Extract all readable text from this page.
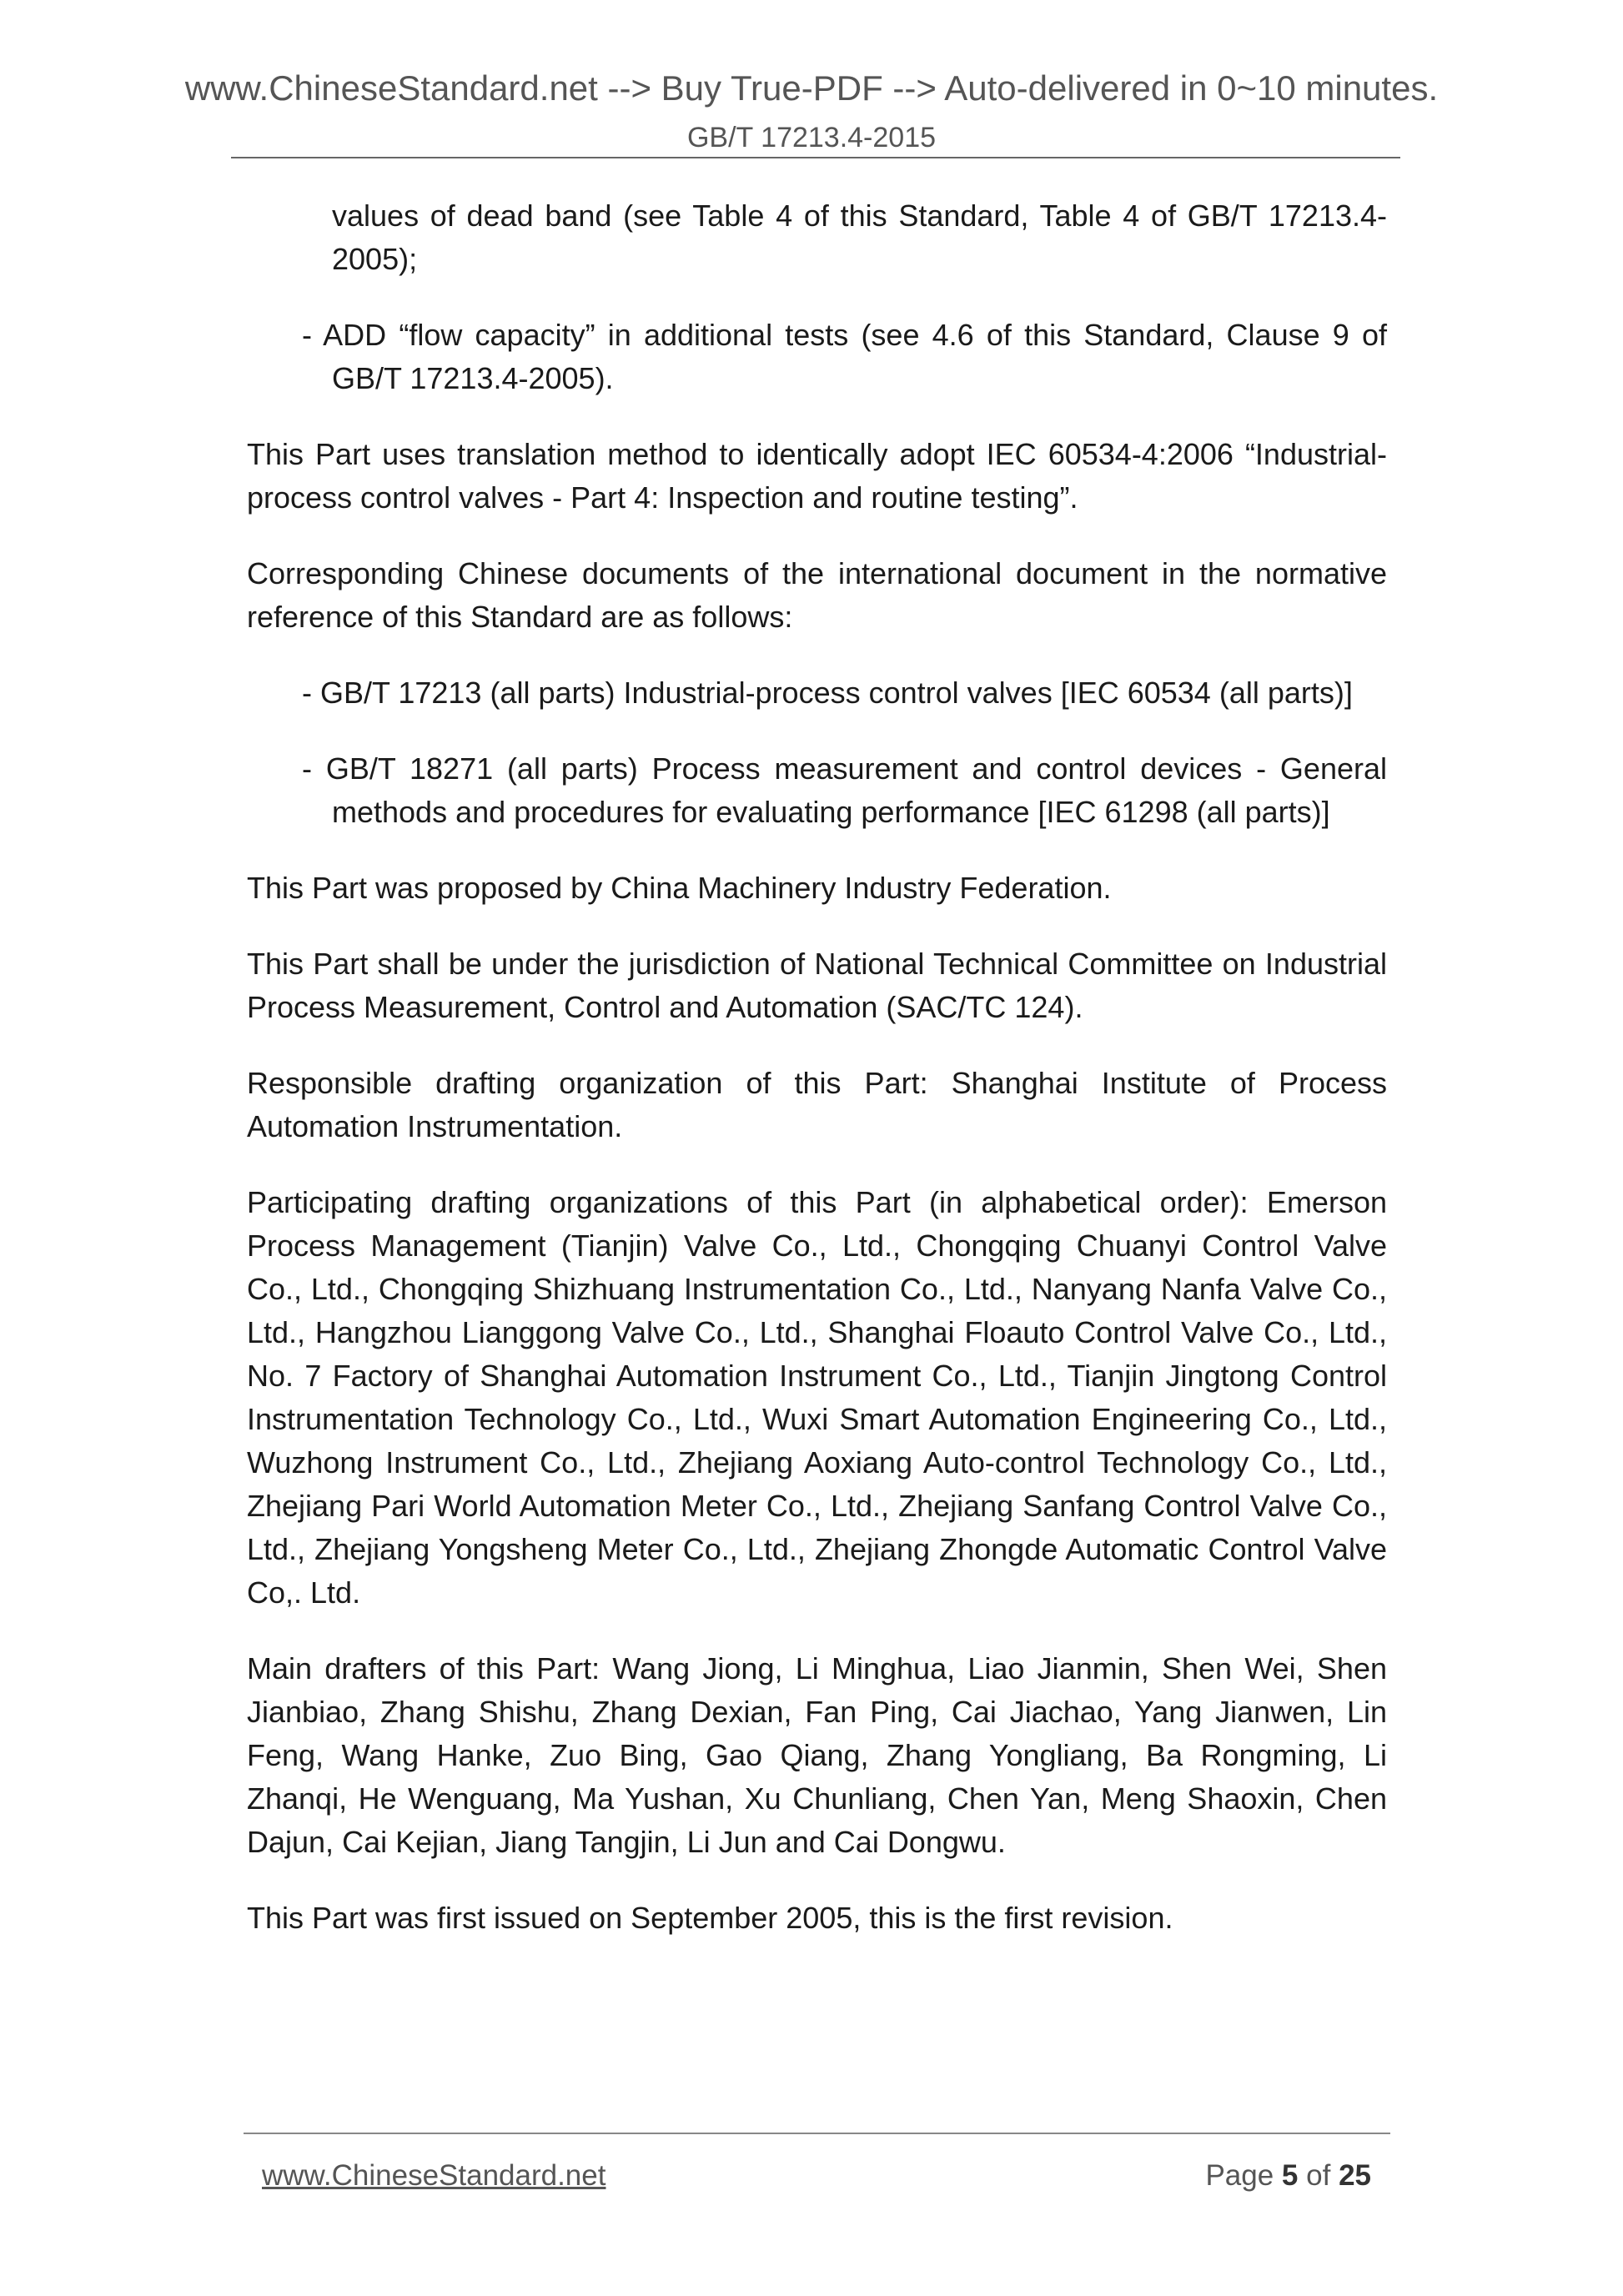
www.ChineseStandard.net --> Buy True-PDF --> Auto-delivered in 0~10 minutes.
GB/T 17213.4-2015

values of dead band (see Table 4 of this Standard, Table 4 of GB/T 17213.4-2005);

- ADD “flow capacity” in additional tests (see 4.6 of this Standard, Clause 9 of GB/T 17213.4-2005).

This Part uses translation method to identically adopt IEC 60534-4:2006 “Industrial-process control valves - Part 4: Inspection and routine testing”.

Corresponding Chinese documents of the international document in the normative reference of this Standard are as follows:

- GB/T 17213 (all parts) Industrial-process control valves [IEC 60534 (all parts)]

- GB/T 18271 (all parts) Process measurement and control devices - General methods and procedures for evaluating performance [IEC 61298 (all parts)]

This Part was proposed by China Machinery Industry Federation.

This Part shall be under the jurisdiction of National Technical Committee on Industrial Process Measurement, Control and Automation (SAC/TC 124).

Responsible drafting organization of this Part: Shanghai Institute of Process Automation Instrumentation.

Participating drafting organizations of this Part (in alphabetical order): Emerson Process Management (Tianjin) Valve Co., Ltd., Chongqing Chuanyi Control Valve Co., Ltd., Chongqing Shizhuang Instrumentation Co., Ltd., Nanyang Nanfa Valve Co., Ltd., Hangzhou Lianggong Valve Co., Ltd., Shanghai Floauto Control Valve Co., Ltd., No. 7 Factory of Shanghai Automation Instrument Co., Ltd., Tianjin Jingtong Control Instrumentation Technology Co., Ltd., Wuxi Smart Automation Engineering Co., Ltd., Wuzhong Instrument Co., Ltd., Zhejiang Aoxiang Auto-control Technology Co., Ltd., Zhejiang Pari World Automation Meter Co., Ltd., Zhejiang Sanfang Control Valve Co., Ltd., Zhejiang Yongsheng Meter Co., Ltd., Zhejiang Zhongde Automatic Control Valve Co,. Ltd.

Main drafters of this Part: Wang Jiong, Li Minghua, Liao Jianmin, Shen Wei, Shen Jianbiao, Zhang Shishu, Zhang Dexian, Fan Ping, Cai Jiachao, Yang Jianwen, Lin Feng, Wang Hanke, Zuo Bing, Gao Qiang, Zhang Yongliang, Ba Rongming, Li Zhanqi, He Wenguang, Ma Yushan, Xu Chunliang, Chen Yan, Meng Shaoxin, Chen Dajun, Cai Kejian, Jiang Tangjin, Li Jun and Cai Dongwu.

This Part was first issued on September 2005, this is the first revision.

www.ChineseStandard.net	Page 5 of 25
